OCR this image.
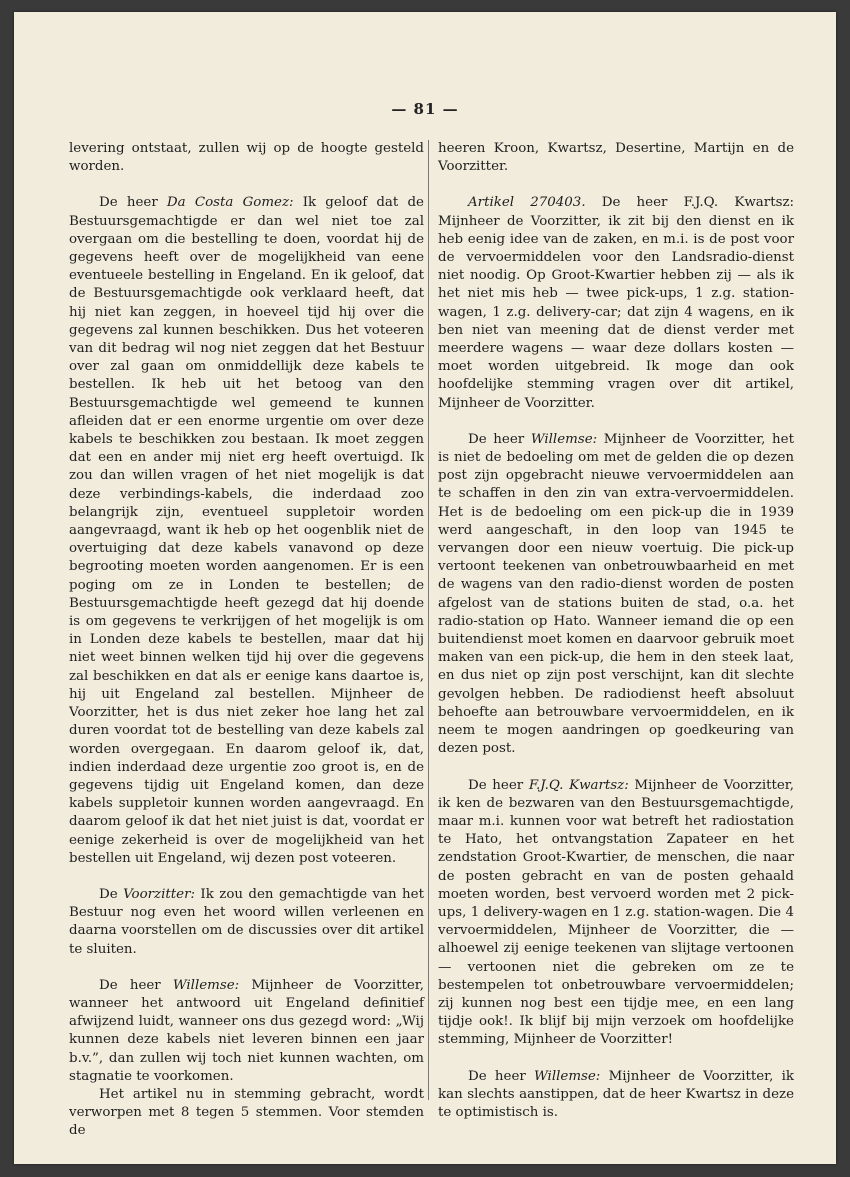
— 81 —

levering ontstaat, zullen wij op de hoogte gesteld worden.

De heer Da Costa Gomez: Ik geloof dat de Bestuursgemachtigde er dan wel niet toe zal overgaan om die bestelling te doen, voordat hij de gegevens heeft over de mogelijkheid van eene eventueele bestelling in Engeland. En ik geloof, dat de Bestuursgemachtigde ook verklaard heeft, dat hij niet kan zeggen, in hoeveel tijd hij over die gegevens zal kunnen beschikken. Dus het voteeren van dit bedrag wil nog niet zeggen dat het Bestuur over zal gaan om onmiddellijk deze kabels te bestellen. Ik heb uit het betoog van den Bestuursgemachtigde wel gemeend te kunnen afleiden dat er een enorme urgentie om over deze kabels te beschikken zou bestaan. Ik moet zeggen dat een en ander mij niet erg heeft overtuigd. Ik zou dan willen vragen of het niet mogelijk is dat deze verbindings-kabels, die inderdaad zoo belangrijk zijn, eventueel suppletoir worden aangevraagd, want ik heb op het oogenblik niet de overtuiging dat deze kabels vanavond op deze begrooting moeten worden aangenomen. Er is een poging om ze in Londen te bestellen; de Bestuursgemachtigde heeft gezegd dat hij doende is om gegevens te verkrijgen of het mogelijk is om in Londen deze kabels te bestellen, maar dat hij niet weet binnen welken tijd hij over die gegevens zal beschikken en dat als er eenige kans daartoe is, hij uit Engeland zal bestellen. Mijnheer de Voorzitter, het is dus niet zeker hoe lang het zal duren voordat tot de bestelling van deze kabels zal worden overgegaan. En daarom geloof ik, dat, indien inderdaad deze urgentie zoo groot is, en de gegevens tijdig uit Engeland komen, dan deze kabels suppletoir kunnen worden aangevraagd. En daarom geloof ik dat het niet juist is dat, voordat er eenige zekerheid is over de mogelijkheid van het bestellen uit Engeland, wij dezen post voteeren.

De Voorzitter: Ik zou den gemachtigde van het Bestuur nog even het woord willen verleenen en daarna voorstellen om de discussies over dit artikel te sluiten.

De heer Willemse: Mijnheer de Voorzitter, wanneer het antwoord uit Engeland definitief afwijzend luidt, wanneer ons dus gezegd word: „Wij kunnen deze kabels niet leveren binnen een jaar b.v.”, dan zullen wij toch niet kunnen wachten, om stagnatie te voorkomen.

Het artikel nu in stemming gebracht, wordt verworpen met 8 tegen 5 stemmen. Voor stemden de

heeren Kroon, Kwartsz, Desertine, Martijn en de Voorzitter.

Artikel 270403. De heer F.J.Q. Kwartsz: Mijnheer de Voorzitter, ik zit bij den dienst en ik heb eenig idee van de zaken, en m.i. is de post voor de vervoermiddelen voor den Landsradio-dienst niet noodig. Op Groot-Kwartier hebben zij — als ik het niet mis heb — twee pick-ups, 1 z.g. station-wagen, 1 z.g. delivery-car; dat zijn 4 wagens, en ik ben niet van meening dat de dienst verder met meerdere wagens — waar deze dollars kosten — moet worden uitgebreid. Ik moge dan ook hoofdelijke stemming vragen over dit artikel, Mijnheer de Voorzitter.

De heer Willemse: Mijnheer de Voorzitter, het is niet de bedoeling om met de gelden die op dezen post zijn opgebracht nieuwe vervoermiddelen aan te schaffen in den zin van extra-vervoermiddelen. Het is de bedoeling om een pick-up die in 1939 werd aangeschaft, in den loop van 1945 te vervangen door een nieuw voertuig. Die pick-up vertoont teekenen van onbetrouwbaarheid en met de wagens van den radio-dienst worden de posten afgelost van de stations buiten de stad, o.a. het radio-station op Hato. Wanneer iemand die op een buitendienst moet komen en daarvoor gebruik moet maken van een pick-up, die hem in den steek laat, en dus niet op zijn post verschijnt, kan dit slechte gevolgen hebben. De radiodienst heeft absoluut behoefte aan betrouwbare vervoermiddelen, en ik neem te mogen aandringen op goedkeuring van dezen post.

De heer F.J.Q. Kwartsz: Mijnheer de Voorzitter, ik ken de bezwaren van den Bestuursgemachtigde, maar m.i. kunnen voor wat betreft het radiostation te Hato, het ontvangstation Zapateer en het zendstation Groot-Kwartier, de menschen, die naar de posten gebracht en van de posten gehaald moeten worden, best vervoerd worden met 2 pick-ups, 1 delivery-wagen en 1 z.g. station-wagen. Die 4 vervoermiddelen, Mijnheer de Voorzitter, die — alhoewel zij eenige teekenen van slijtage vertoonen — vertoonen niet die gebreken om ze te bestempelen tot onbetrouwbare vervoermiddelen; zij kunnen nog best een tijdje mee, en een lang tijdje ook!. Ik blijf bij mijn verzoek om hoofdelijke stemming, Mijnheer de Voorzitter!

De heer Willemse: Mijnheer de Voorzitter, ik kan slechts aanstippen, dat de heer Kwartsz in deze te optimistisch is.
